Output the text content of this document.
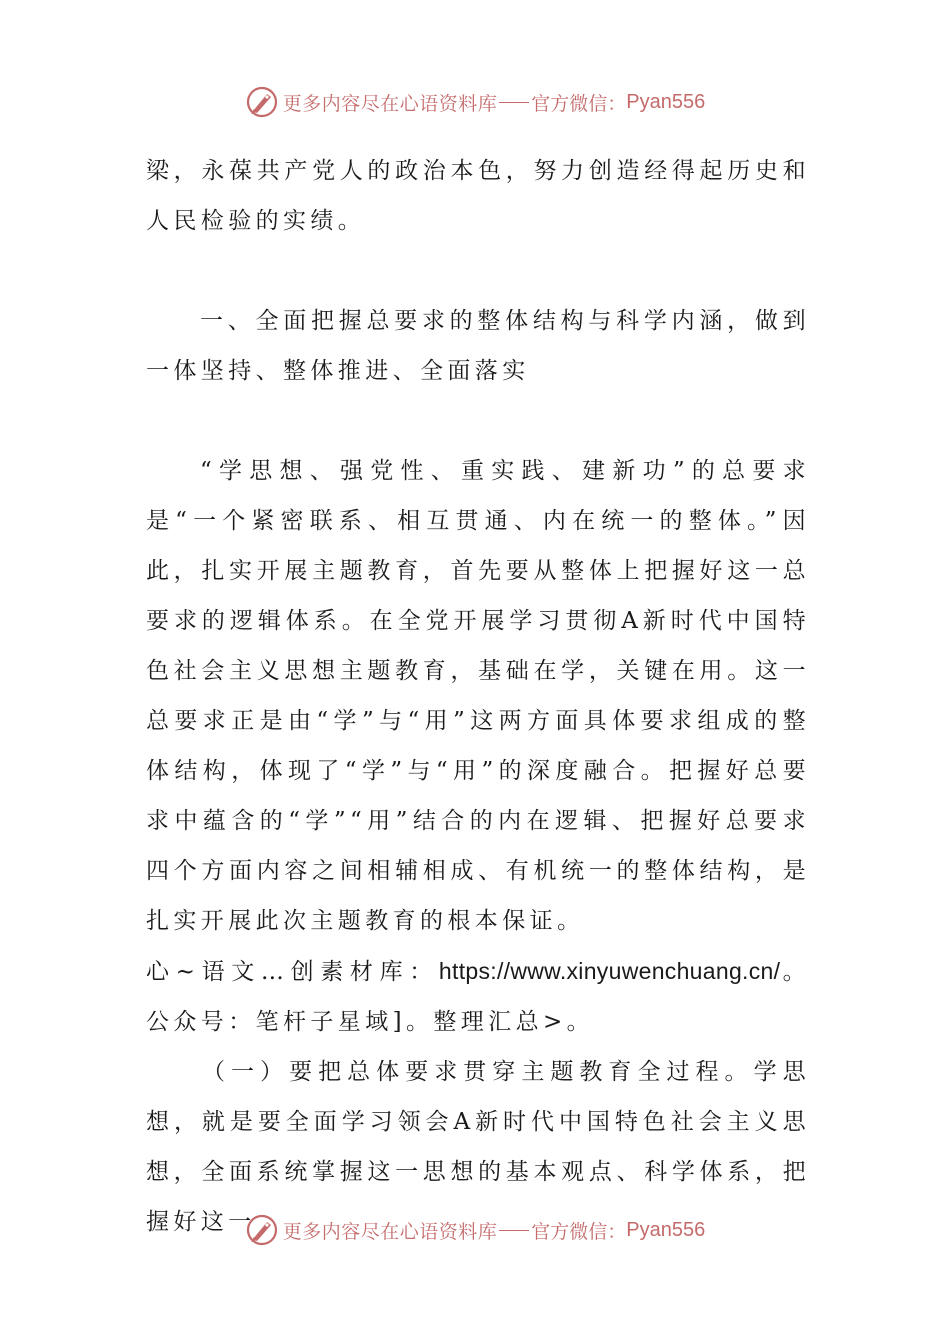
更多内容尽在心语资料库 官方微信： Pyan556

梁，永葆共产党人的政治本色，努力创造经得起历史和人民检验的实绩。

一、全面把握总要求的整体结构与科学内涵，做到一体坚持、整体推进、全面落实

“学思想、强党性、重实践、建新功”的总要求是“一个紧密联系、相互贯通、内在统一的整体。”因此，扎实开展主题教育，首先要从整体上把握好这一总要求的逻辑体系。在全党开展学习贯彻A新时代中国特色社会主义思想主题教育，基础在学，关键在用。这一总要求正是由“学”与“用”这两方面具体要求组成的整体结构，体现了“学”与“用”的深度融合。把握好总要求中蕴含的“学”“用”结合的内在逻辑、把握好总要求四个方面内容之间相辅相成、有机统一的整体结构，是扎实开展此次主题教育的根本保证。

心~语文…创素材库：https://www.xinyuwenchuang.cn/。公众号：笔杆子星域]。整理汇总>。

（一）要把总体要求贯穿主题教育全过程。学思想，就是要全面学习领会A新时代中国特色社会主义思想，全面系统掌握这一思想的基本观点、科学体系，把握好这一	更多内容尽在心语资料库 官方微信： Pyan556
